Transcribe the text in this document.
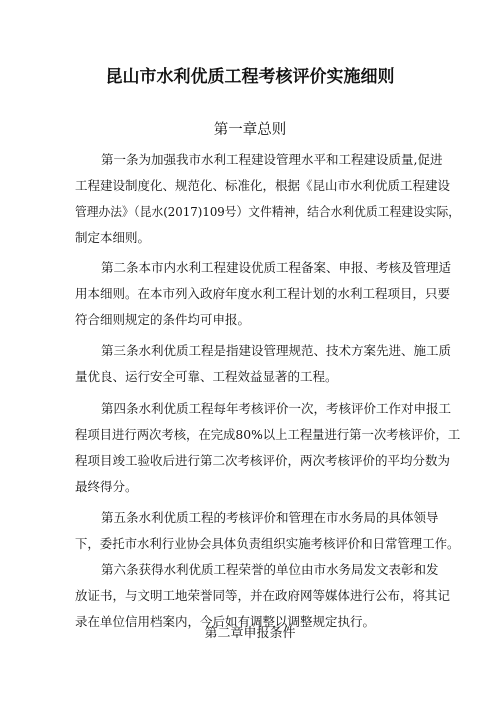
昆山市水利优质工程考核评价实施细则
第一章总则
第一条为加强我市水利工程建设管理水平和工程建设质量,促进
工程建设制度化、规范化、标准化，根据《昆山市水利优质工程建设
管理办法》（昆水(2017)109号）文件精神，结合水利优质工程建设实际，
制定本细则。
第二条本市内水利工程建设优质工程备案、申报、考核及管理适
用本细则。在本市列入政府年度水利工程计划的水利工程项目，只要
符合细则规定的条件均可申报。
第三条水利优质工程是指建设管理规范、技术方案先进、施工质
量优良、运行安全可靠、工程效益显著的工程。
第四条水利优质工程每年考核评价一次，考核评价工作对申报工
程项目进行两次考核，在完成80%以上工程量进行第一次考核评价，工
程项目竣工验收后进行第二次考核评价，两次考核评价的平均分数为
最终得分。
第五条水利优质工程的考核评价和管理在市水务局的具体领导
下，委托市水利行业协会具体负责组织实施考核评价和日常管理工作。
第六条获得水利优质工程荣誉的单位由市水务局发文表彰和发
放证书，与文明工地荣誉同等，并在政府网等媒体进行公布，将其记
录在单位信用档案内，今后如有调整以调整规定执行。
第二章申报条件
